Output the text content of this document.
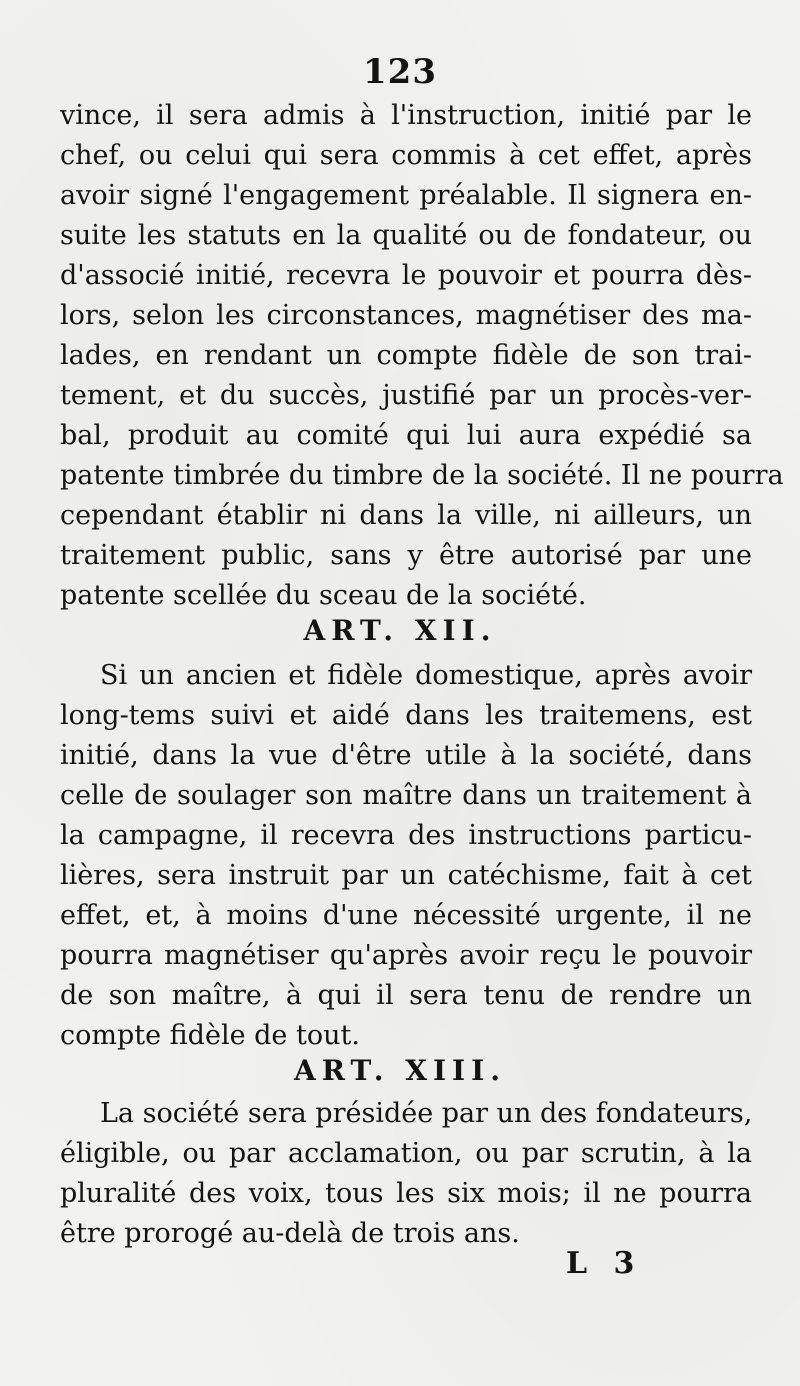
123
vince, il sera admis à l'instruction, initié par le
chef, ou celui qui sera commis à cet effet, après
avoir signé l'engagement préalable. Il signera en-
suite les statuts en la qualité ou de fondateur, ou
d'associé initié, recevra le pouvoir et pourra dès-
lors, selon les circonstances, magnétiser des ma-
lades, en rendant un compte fidèle de son trai-
tement, et du succès, justifié par un procès-ver-
bal, produit au comité qui lui aura expédié sa
patente timbrée du timbre de la société. Il ne pourra
cependant établir ni dans la ville, ni ailleurs, un
traitement public, sans y être autorisé par une
patente scellée du sceau de la société.
ART. XII.
Si un ancien et fidèle domestique, après avoir
long-tems suivi et aidé dans les traitemens, est
initié, dans la vue d'être utile à la société, dans
celle de soulager son maître dans un traitement à
la campagne, il recevra des instructions particu-
lières, sera instruit par un catéchisme, fait à cet
effet, et, à moins d'une nécessité urgente, il ne
pourra magnétiser qu'après avoir reçu le pouvoir
de son maître, à qui il sera tenu de rendre un
compte fidèle de tout.
ART. XIII.
La société sera présidée par un des fondateurs,
éligible, ou par acclamation, ou par scrutin, à la
pluralité des voix, tous les six mois; il ne pourra
être prorogé au-delà de trois ans.
L 3
